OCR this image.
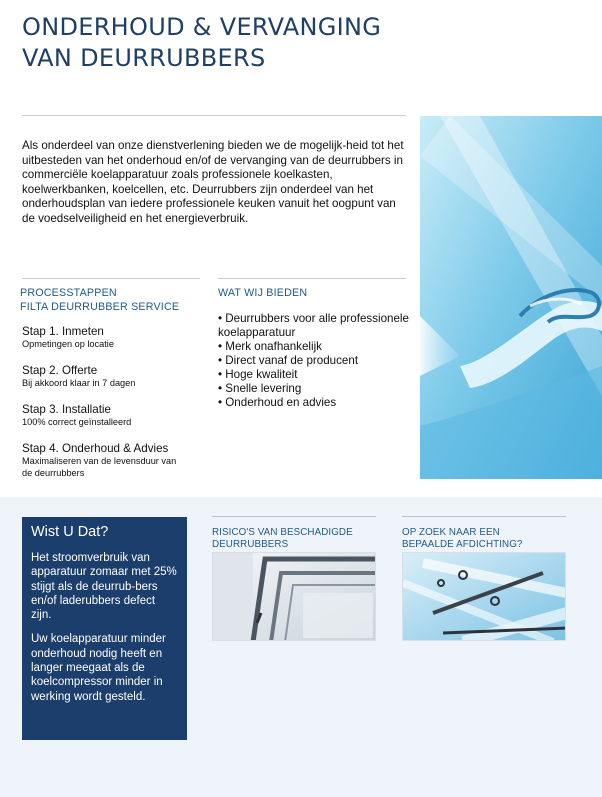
ONDERHOUD & VERVANGING
VAN DEURRUBBERS

Als onderdeel van onze dienstverlening bieden we de mogelijk-heid tot het uitbesteden van het onderhoud en/of de vervanging van de deurrubbers in commerciële koelapparatuur zoals professionele koelkasten, koelwerkbanken, koelcellen, etc. Deurrubbers zijn onderdeel van het onderhoudsplan van iedere professionele keuken vanuit het oogpunt van de voedselveiligheid en het energieverbruik.

PROCESSTAPPEN
FILTA DEURRUBBER SERVICE
Stap 1. Inmeten
Opmetingen op locatie
Stap 2. Offerte
Bij akkoord klaar in 7 dagen
Stap 3. Installatie
100% correct geïnstalleerd
Stap 4. Onderhoud & Advies
Maximaliseren van de levensduur van de deurrubbers
WAT WIJ BIEDEN
• Deurrubbers voor alle professionele koelapparatuur
• Merk onafhankelijk
• Direct vanaf de producent
• Hoge kwaliteit
• Snelle levering
• Onderhoud en advies
Wist U Dat?

Het stroomverbruik van apparatuur zomaar met 25% stijgt als de deurrub-bers en/of laderubbers defect zijn.

Uw koelapparatuur minder onderhoud nodig heeft en langer meegaat als de koelcompressor minder in werking wordt gesteld.

RISICO'S VAN BESCHADIGDE
DEURRUBBERS
OP ZOEK NAAR EEN
BEPAALDE AFDICHTING?
